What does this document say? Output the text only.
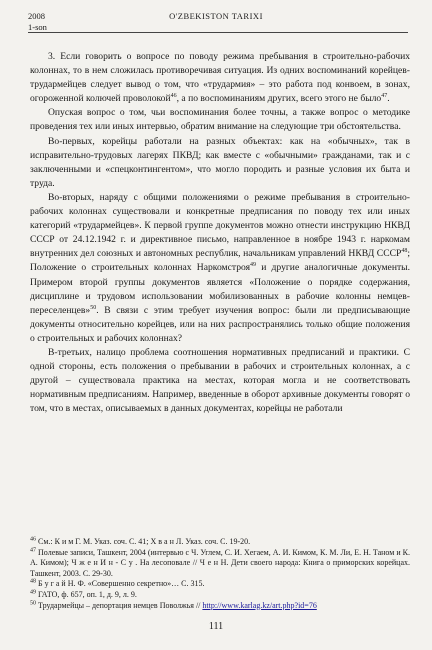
2008	O'ZBEKISTON TARIXI
1-son

3. Если говорить о вопросе по поводу режима пребывания в строительно-рабочих колоннах, то в нем сложилась противоречивая ситуация. Из одних воспоминаний корейцев-трудармейцев следует вывод о том, что «трудармия» – это работа под конвоем, в зонах, огороженной колючей проволокой$^{46}$, а по воспоминаниям других, всего этого не было$^{47}$.

Опуская вопрос о том, чьи воспоминания более точны, а также вопрос о методике проведения тех или иных интервью, обратим внимание на следующие три обстоятельства.

Во-первых, корейцы работали на разных объектах: как на «обычных», так в исправительно-трудовых лагерях ПКВД; как вместе с «обычными» гражданами, так и с заключенными и «спецконтингентом», что могло породить и разные условия их быта и труда.

Во-вторых, наряду с общими положениями о режиме пребывания в строительно-рабочих колоннах существовали и конкретные предписания по поводу тех или иных категорий «трудармейцев». К первой группе документов можно отнести инструкцию НКВД СССР от 24.12.1942 г. и директивное письмо, направленное в ноябре 1943 г. наркомам внутренних дел союзных и автономных республик, начальникам управлений НКВД СССР$^{48}$; Положение о строительных колоннах Наркомстроя$^{49}$ и другие аналогичные документы. Примером второй группы документов является «Положение о порядке содержания, дисциплине и трудовом использовании мобилизованных в рабочие колонны немцев-переселенцев»$^{50}$. В связи с этим требует изучения вопрос: были ли предписывающие документы относительно корейцев, или на них распространялись только общие положения о строительных и рабочих колоннах?

В-третьих, налицо проблема соотношения нормативных предписаний и практики. С одной стороны, есть положения о пребывании в рабочих и строительных колоннах, а с другой – существовала практика на местах, которая могла и не соответствовать нормативным предписаниям. Например, введенные в оборот архивные документы говорят о том, что в местах, описываемых в данных документах, корейцы не работали

$^{46}$ См.: К и м Г. М. Указ. соч. С. 41; Х в а н Л. Указ. соч. С. 19-20.

$^{47}$ Полевые записи, Ташкент, 2004 (интервью с Ч. Углем, С. И. Хегаем, А. И. Кимом, К. М. Ли, Е. Н. Таном и К. А. Кимом); Ч ж е н И н - С у . На лесоповале // Ч е н Н. Дети своего народа: Книга о приморских корейцах. Ташкент, 2003. С. 29-30.

$^{48}$ Б у г а й Н. Ф. «Совершенно секретно»… С. 315.

$^{49}$ ГАТО, ф. 657, оп. 1, д. 9, л. 9.

$^{50}$ Трудармейцы – депортация немцев Поволжья // http://www.karlag.kz/art.php?id=76

111
